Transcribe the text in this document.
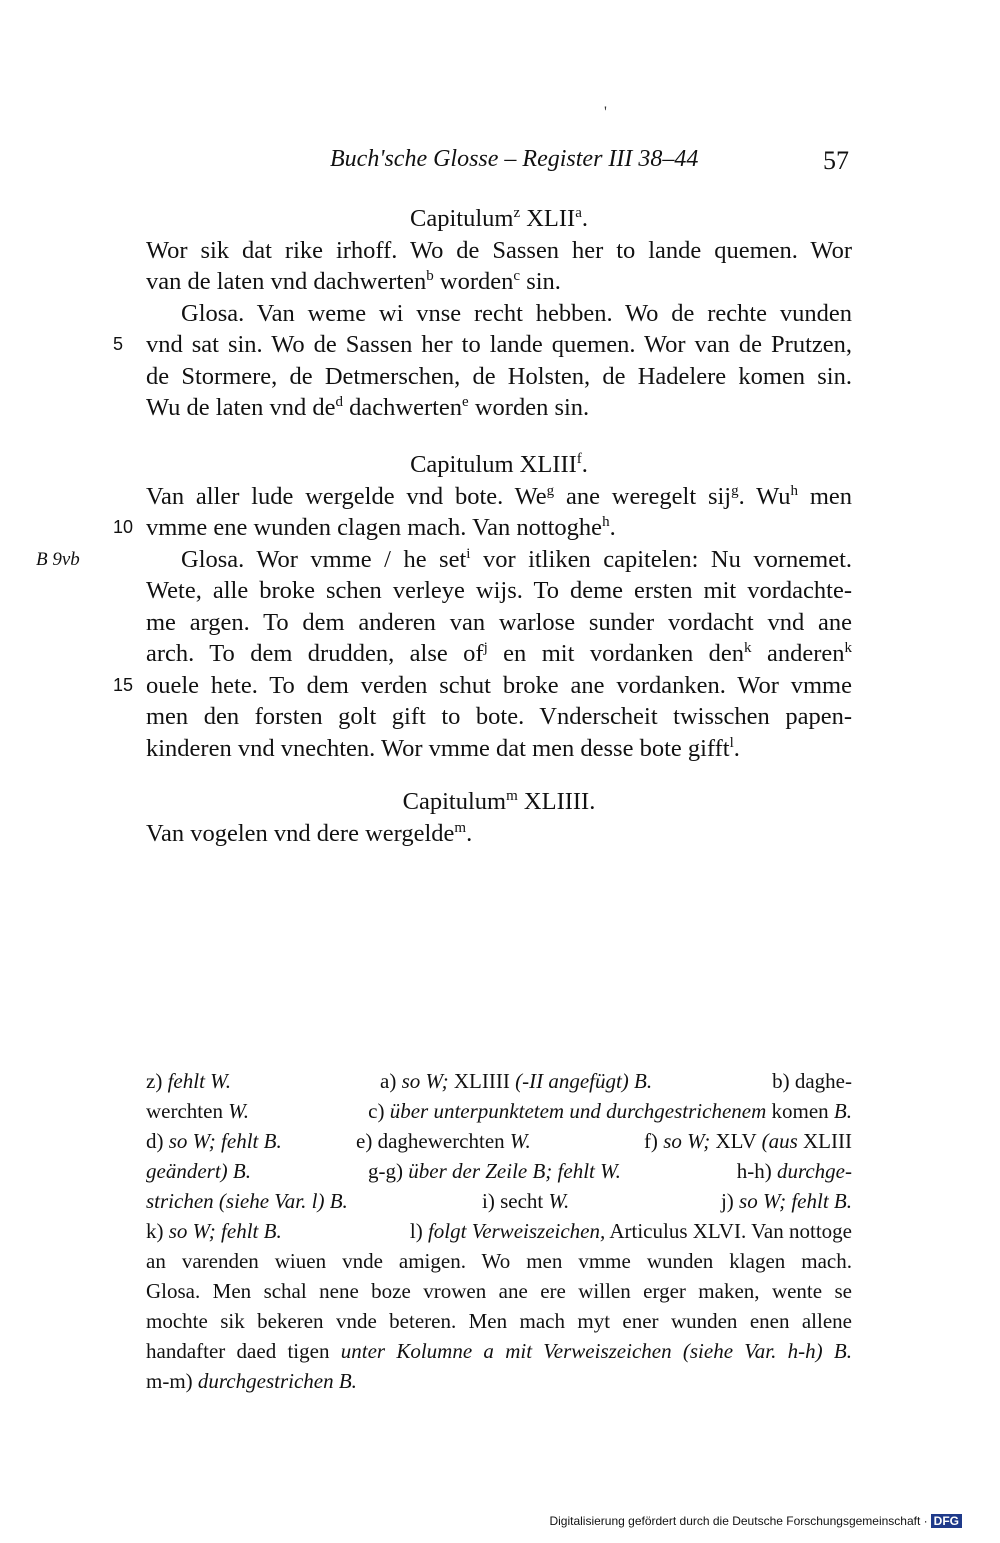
Buch'sche Glosse – Register III 38–44	57
'
Capitulum$^z$ XLII$^a$.
Wor sik dat rike irhoff. Wo de Sassen her to lande quemen. Wor
van de laten vnd dachwerten$^b$ worden$^c$ sin.
Glosa. Van weme wi vnse recht hebben. Wo de rechte vunden
5 vnd sat sin. Wo de Sassen her to lande quemen. Wor van de Prutzen,
de Stormere, de Detmerschen, de Holsten, de Hadelere komen sin.
Wu de laten vnd $de^d$ dachwerten$^e$ worden sin.
Capitulum XLIII$^f$.
Van aller lude wergelde vnd bote. We$^g$ ane weregelt sij$^g$. Wu$^h$ men
10 vmme ene wunden clagen mach. Van nottoghe$^h$.
B 9vb	Glosa. Wor vmme / he set$^i$ vor itliken capitelen: Nu vornemet.
Wete, alle broke schen verleye wijs. To deme ersten mit vordachte-
me argen. To dem anderen van warlose sunder vordacht vnd ane
arch. To dem drudden, alse $of^j$ en mit vordanken den$^k$ anderen$^k$
15 ouele hete. To dem verden schut broke ane vordanken. Wor vmme
men den forsten golt gift to bote. Vnderscheit twisschen papen-
kinderen vnd vnechten. Wor vmme dat men desse bote gifft$^l$.
Capitulum$^m$ XLIIII.
Van vogelen vnd dere wergelde$^m$.
z) fehlt W.	a) so W; XLIIII (-II angefügt) B.	b) daghe-
werchten W.	c) über unterpunktetem und durchgestrichenem komen B.
d) so W; fehlt B.	e) daghewerchten W.	f) so W; XLV (aus XLIII
geändert) B.	g-g) über der Zeile B; fehlt W.	h-h) durchge-
strichen (siehe Var. l) B.	i) secht W.	j) so W; fehlt B.
k) so W; fehlt B.	l) folgt Verweiszeichen, Articulus XLVI. Van nottoge
an varenden wiuen vnde amigen. Wo men vmme wunden klagen mach.
Glosa. Men schal nene boze vrowen ane ere willen erger maken, wente se
mochte sik bekeren vnde beteren. Men mach myt ener wunden enen allene
handafter daed tigen unter Kolumne a mit Verweiszeichen (siehe Var. h-h) B.
m-m) durchgestrichen B.
Digitalisierung gefördert durch die Deutsche Forschungsgemeinschaft · DFG
